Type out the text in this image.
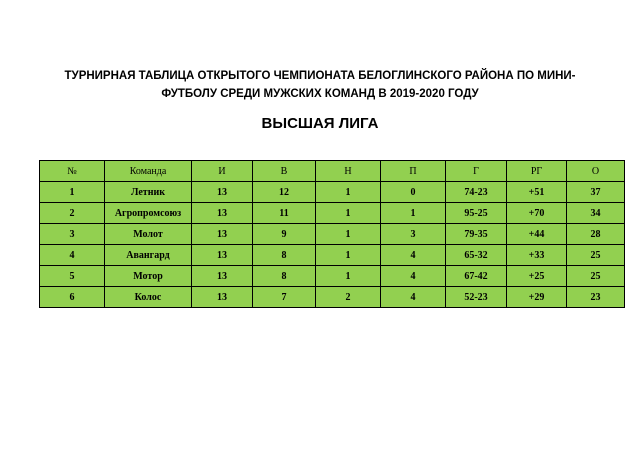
ТУРНИРНАЯ ТАБЛИЦА ОТКРЫТОГО ЧЕМПИОНАТА БЕЛОГЛИНСКОГО РАЙОНА ПО МИНИ-
ФУТБОЛУ СРЕДИ МУЖСКИХ КОМАНД В 2019-2020 ГОДУ
ВЫСШАЯ ЛИГА
№	Команда	И	В	Н	П	Г	РГ	О
1	Летник	13	12	1	0	74-23	+51	37
2	Агропромсоюз	13	11	1	1	95-25	+70	34
3	Молот	13	9	1	3	79-35	+44	28
4	Авангард	13	8	1	4	65-32	+33	25
5	Мотор	13	8	1	4	67-42	+25	25
6	Колос	13	7	2	4	52-23	+29	23
